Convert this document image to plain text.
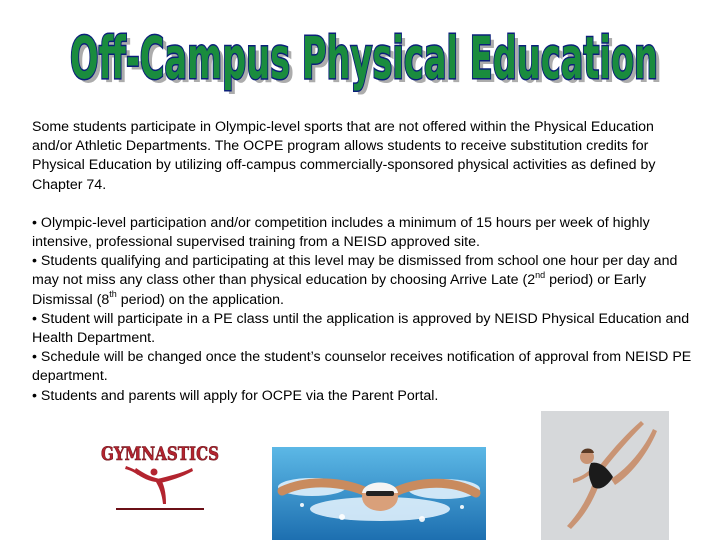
Off-Campus Physical Education
Off-Campus Physical Education

Some students participate in Olympic-level sports that are not offered within the Physical Education and/or Athletic Departments. The OCPE program allows students to receive substitution credits for Physical Education by utilizing off-campus commercially-sponsored physical activities as defined by Chapter 74.

• Olympic-level participation and/or competition includes a minimum of 15 hours per week of highly intensive, professional supervised training from a NEISD approved site.

• Students qualifying and participating at this level may be dismissed from school one hour per day and may not miss any class other than physical education by choosing Arrive Late (2nd period) or Early Dismissal (8th period) on the application.

• Student will participate in a PE class until the application is approved by NEISD Physical Education and Health Department.

• Schedule will be changed once the student’s counselor receives notification of approval from NEISD PE department.

• Students and parents will apply for OCPE via the Parent Portal.

GYMNASTICS
